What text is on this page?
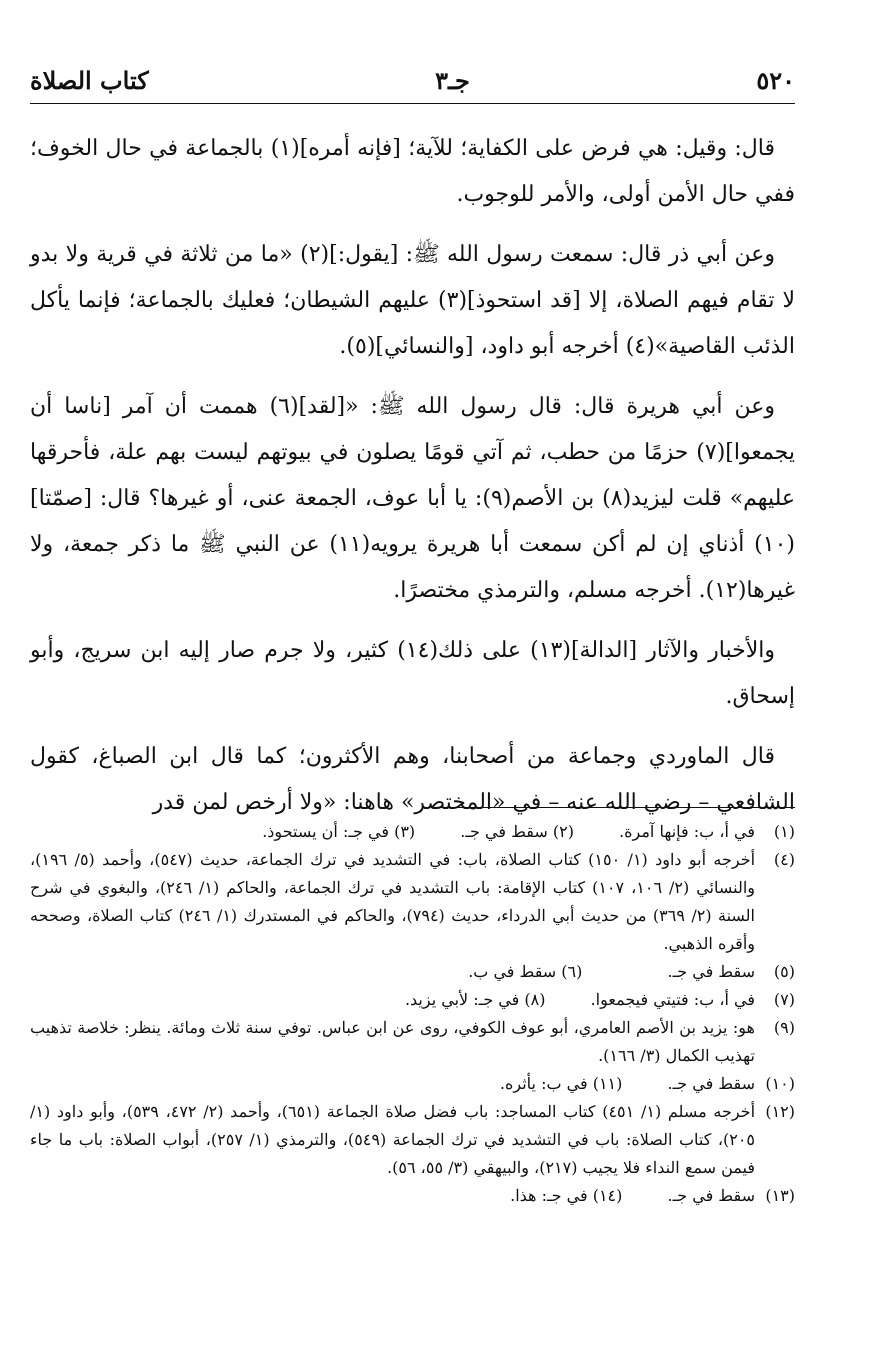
٥٢٠
جـ٣
كتاب الصلاة

قال: وقيل: هي فرض على الكفاية؛ للآية؛ [فإنه أمره](١) بالجماعة في حال الخوف؛ ففي حال الأمن أولى، والأمر للوجوب.

وعن أبي ذر قال: سمعت رسول الله ﷺ: [يقول:](٢) «ما من ثلاثة في قرية ولا بدو لا تقام فيهم الصلاة، إلا [قد استحوذ](٣) عليهم الشيطان؛ فعليك بالجماعة؛ فإنما يأكل الذئب القاصية»(٤) أخرجه أبو داود، [والنسائي](٥).

وعن أبي هريرة قال: قال رسول الله ﷺ: «[لقد](٦) هممت أن آمر [ناسا أن يجمعوا](٧) حزمًا من حطب، ثم آتي قومًا يصلون في بيوتهم ليست بهم علة، فأحرقها عليهم» قلت ليزيد(٨) بن الأصم(٩): يا أبا عوف، الجمعة عنى، أو غيرها؟ قال: [صمّتا](١٠) أذناي إن لم أكن سمعت أبا هريرة يرويه(١١) عن النبي ﷺ ما ذكر جمعة، ولا غيرها(١٢). أخرجه مسلم، والترمذي مختصرًا.

والأخبار والآثار [الدالة](١٣) على ذلك(١٤) كثير، ولا جرم صار إليه ابن سريج، وأبو إسحاق.

قال الماوردي وجماعة من أصحابنا، وهم الأكثرون؛ كما قال ابن الصباغ، كقول الشافعي – رضي الله عنه – في «المختصر» هاهنا: «ولا أرخص لمن قدر

(١)
في أ، ب: فإنها آمرة. (٢) سقط في جـ. (٣) في جـ: أن يستحوذ.
(٤)
أخرجه أبو داود (١/ ١٥٠) كتاب الصلاة، باب: في التشديد في ترك الجماعة، حديث (٥٤٧)، وأحمد (٥/ ١٩٦)، والنسائي (٢/ ١٠٦، ١٠٧) كتاب الإقامة: باب التشديد في ترك الجماعة، والحاكم (١/ ٢٤٦)، والبغوي في شرح السنة (٢/ ٣٦٩) من حديث أبي الدرداء، حديث (٧٩٤)، والحاكم في المستدرك (١/ ٢٤٦) كتاب الصلاة، وصححه وأقره الذهبي.
(٥)
سقط في جـ. (٦) سقط في ب.
(٧)
في أ، ب: فتيتي فيجمعوا. (٨) في جـ: لأبي يزيد.
(٩)
هو: يزيد بن الأصم العامري، أبو عوف الكوفي، روى عن ابن عباس. توفي سنة ثلاث ومائة. ينظر: خلاصة تذهيب تهذيب الكمال (٣/ ١٦٦).
(١٠)
سقط في جـ. (١١) في ب: يأثره.
(١٢)
أخرجه مسلم (١/ ٤٥١) كتاب المساجد: باب فضل صلاة الجماعة (٦٥١)، وأحمد (٢/ ٤٧٢، ٥٣٩)، وأبو داود (١/ ٢٠٥)، كتاب الصلاة: باب في التشديد في ترك الجماعة (٥٤٩)، والترمذي (١/ ٢٥٧)، أبواب الصلاة: باب ما جاء فيمن سمع النداء فلا يجيب (٢١٧)، والبيهقي (٣/ ٥٥، ٥٦).
(١٣)
سقط في جـ. (١٤) في جـ: هذا.
